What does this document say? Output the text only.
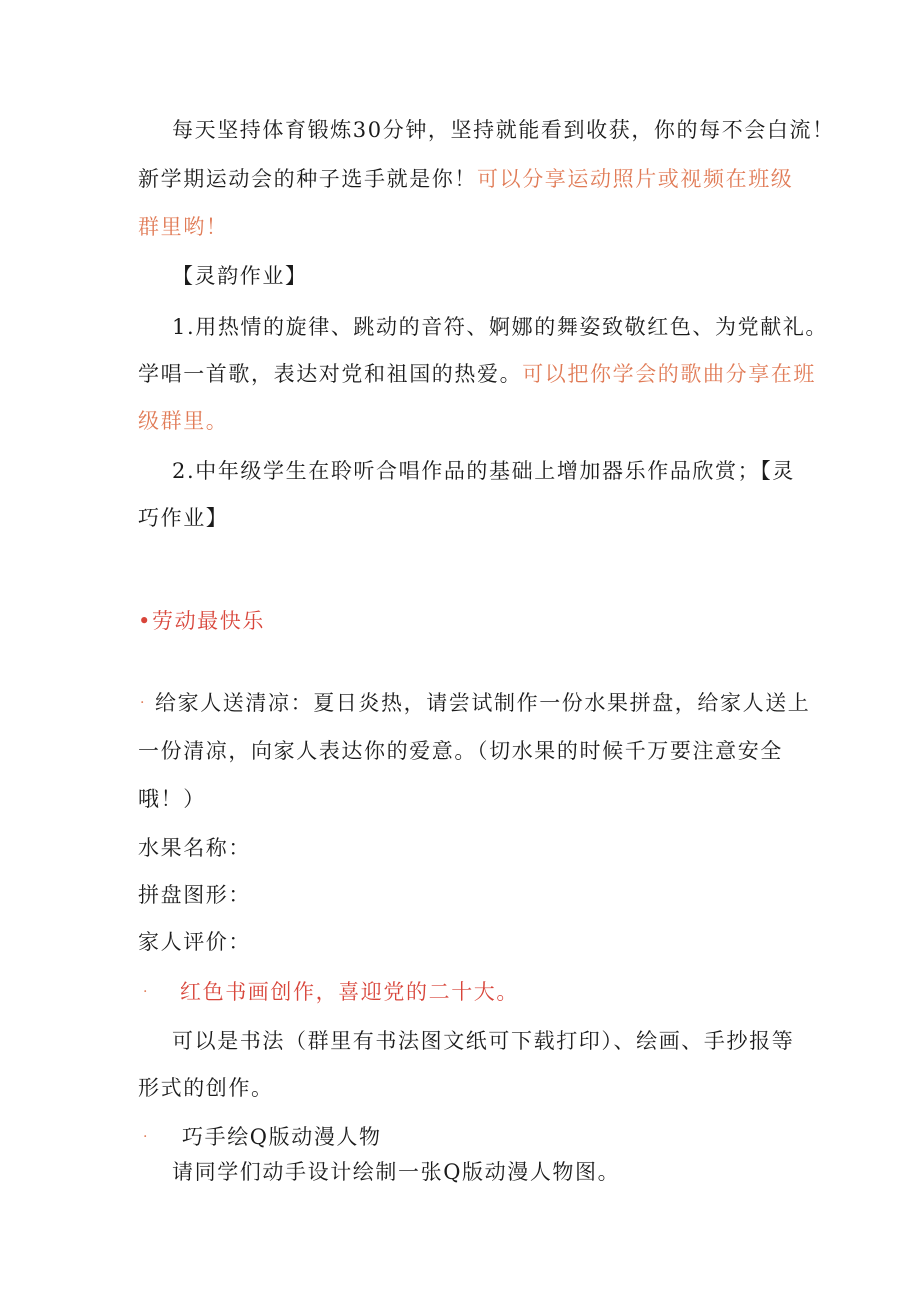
每天坚持体育锻炼30分钟，坚持就能看到收获，你的每不会白流！
新学期运动会的种子选手就是你！可以分享运动照片或视频在班级
群里哟！
【灵韵作业】
1.用热情的旋律、跳动的音符、婀娜的舞姿致敬红色、为党献礼。
学唱一首歌，表达对党和祖国的热爱。可以把你学会的歌曲分享在班
级群里。
2.中年级学生在聆听合唱作品的基础上增加器乐作品欣赏；【灵
巧作业】
•劳动最快乐
· 给家人送清凉：夏日炎热，请尝试制作一份水果拼盘，给家人送上
一份清凉，向家人表达你的爱意。（切水果的时候千万要注意安全
哦！）
水果名称：
拼盘图形：
家人评价：
· 红色书画创作，喜迎党的二十大。
可以是书法（群里有书法图文纸可下载打印）、绘画、手抄报等
形式的创作。
· 巧手绘Q版动漫人物
请同学们动手设计绘制一张Q版动漫人物图。
